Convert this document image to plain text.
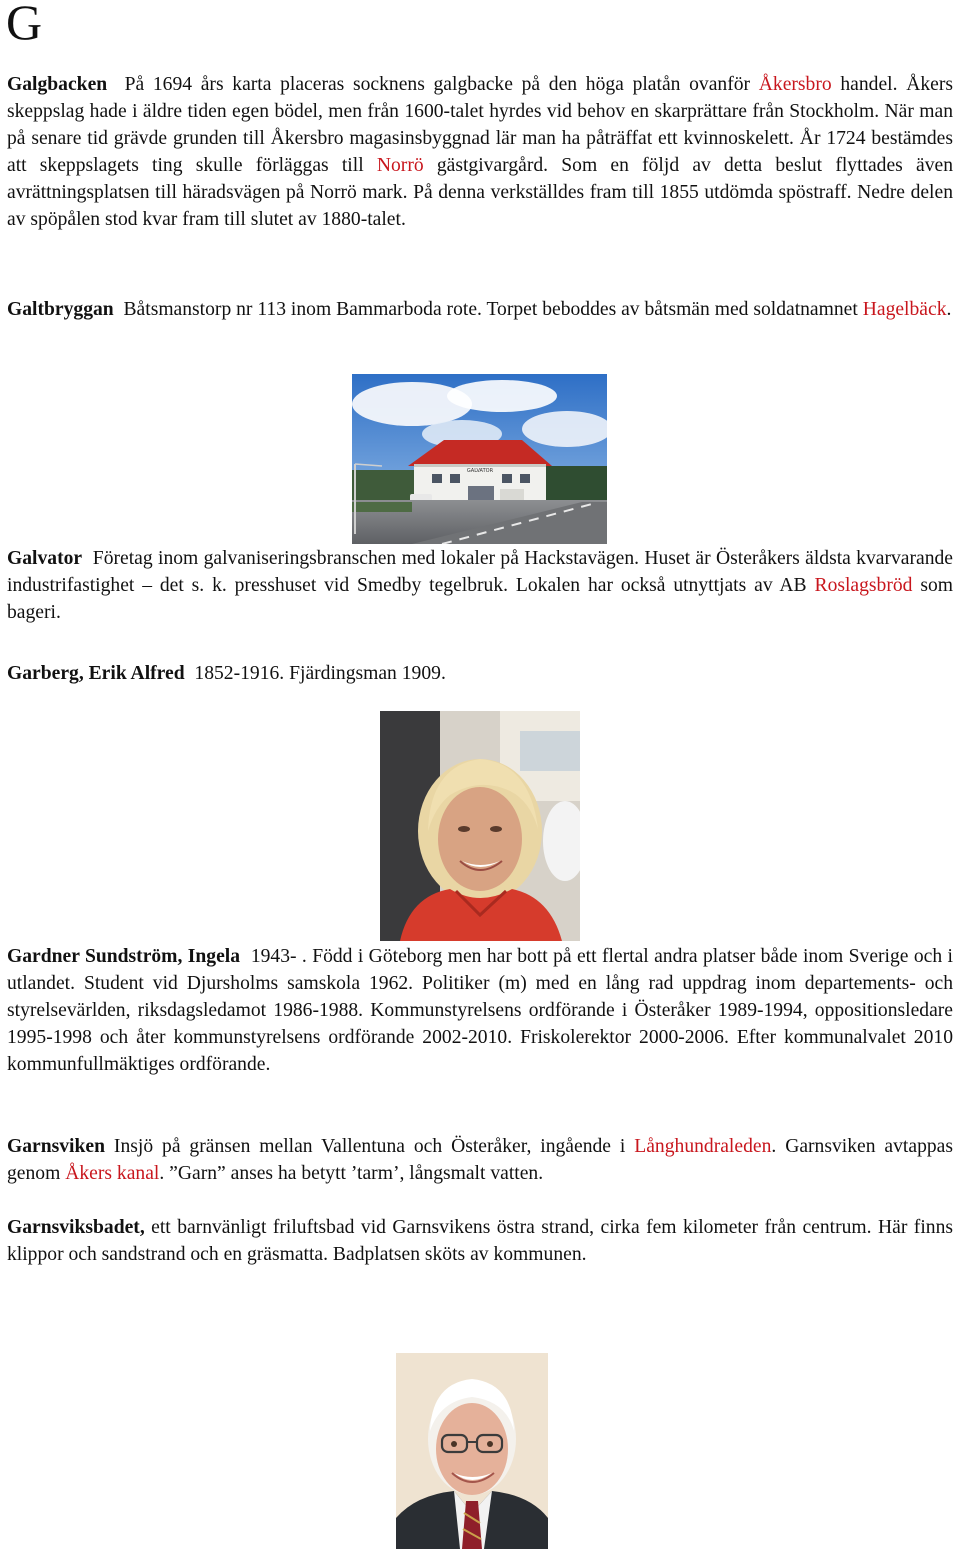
G

Galgbacken På 1694 års karta placeras socknens galgbacke på den höga platån ovanför Åkersbro handel. Åkers skeppslag hade i äldre tiden egen bödel, men från 1600-talet hyrdes vid behov en skarprättare från Stockholm. När man på senare tid grävde grunden till Åkersbro magasinsbyggnad lär man ha påträffat ett kvinnoskelett. År 1724 bestämdes att skeppslagets ting skulle förläggas till Norrö gästgivargård. Som en följd av detta beslut flyttades även avrättningsplatsen till häradsvägen på Norrö mark. På denna verkställdes fram till 1855 utdömda spöstraff. Nedre delen av spöpålen stod kvar fram till slutet av 1880-talet.

Galtbryggan Båtsmanstorp nr 113 inom Bammarboda rote. Torpet beboddes av båtsmän med soldatnamnet Hagelbäck.

GALVATOR

Galvator Företag inom galvaniseringsbranschen med lokaler på Hackstavägen. Huset är Österåkers äldsta kvarvarande industrifastighet – det s. k. presshuset vid Smedby tegelbruk. Lokalen har också utnyttjats av AB Roslagsbröd som bageri.

Garberg, Erik Alfred 1852-1916. Fjärdingsman 1909.

Gardner Sundström, Ingela 1943- . Född i Göteborg men har bott på ett flertal andra platser både inom Sverige och i utlandet. Student vid Djursholms samskola 1962. Politiker (m) med en lång rad uppdrag inom departements- och styrelsevärlden, riksdagsledamot 1986-1988. Kommunstyrelsens ordförande i Österåker 1989-1994, oppositionsledare 1995-1998 och åter kommunstyrelsens ordförande 2002-2010. Friskolerektor 2000-2006. Efter kommunalvalet 2010 kommunfullmäktiges ordförande.

Garnsviken Insjö på gränsen mellan Vallentuna och Österåker, ingående i Långhundraleden. Garnsviken avtappas genom Åkers kanal. ”Garn” anses ha betytt ’tarm’, långsmalt vatten.

Garnsviksbadet, ett barnvänligt friluftsbad vid Garnsvikens östra strand, cirka fem kilometer från centrum. Här finns klippor och sandstrand och en gräsmatta. Badplatsen sköts av kommunen.
